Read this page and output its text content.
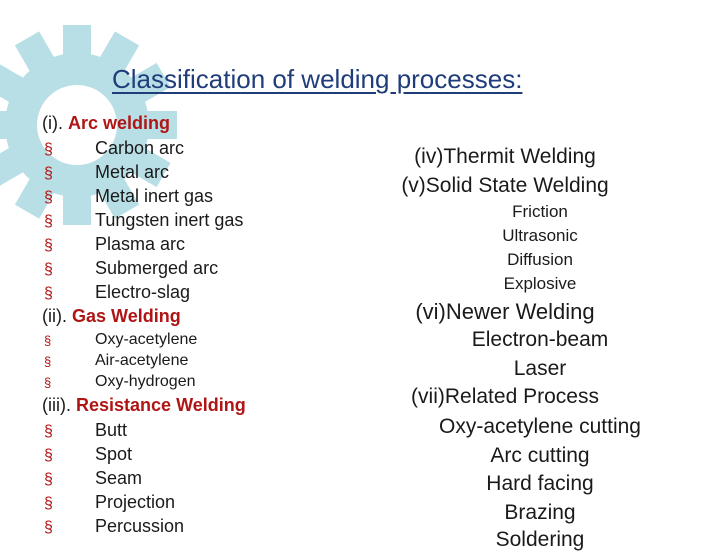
Classification of welding processes:
(i). Arc welding
§ Carbon arc
§ Metal arc
§ Metal inert gas
§ Tungsten inert gas
§ Plasma arc
§ Submerged arc
§ Electro-slag
(ii). Gas Welding
§	Oxy-acetylene
§	Air-acetylene
§	Oxy-hydrogen
(iii). Resistance Welding
§ Butt
§ Spot
§ Seam
§ Projection
§ Percussion
(iv)Thermit Welding
(v)Solid State Welding
Friction
Ultrasonic
Diffusion
Explosive
(vi)Newer Welding
Electron-beam
Laser
(vii)Related Process
Oxy-acetylene cutting
Arc cutting
Hard facing
Brazing
Soldering
